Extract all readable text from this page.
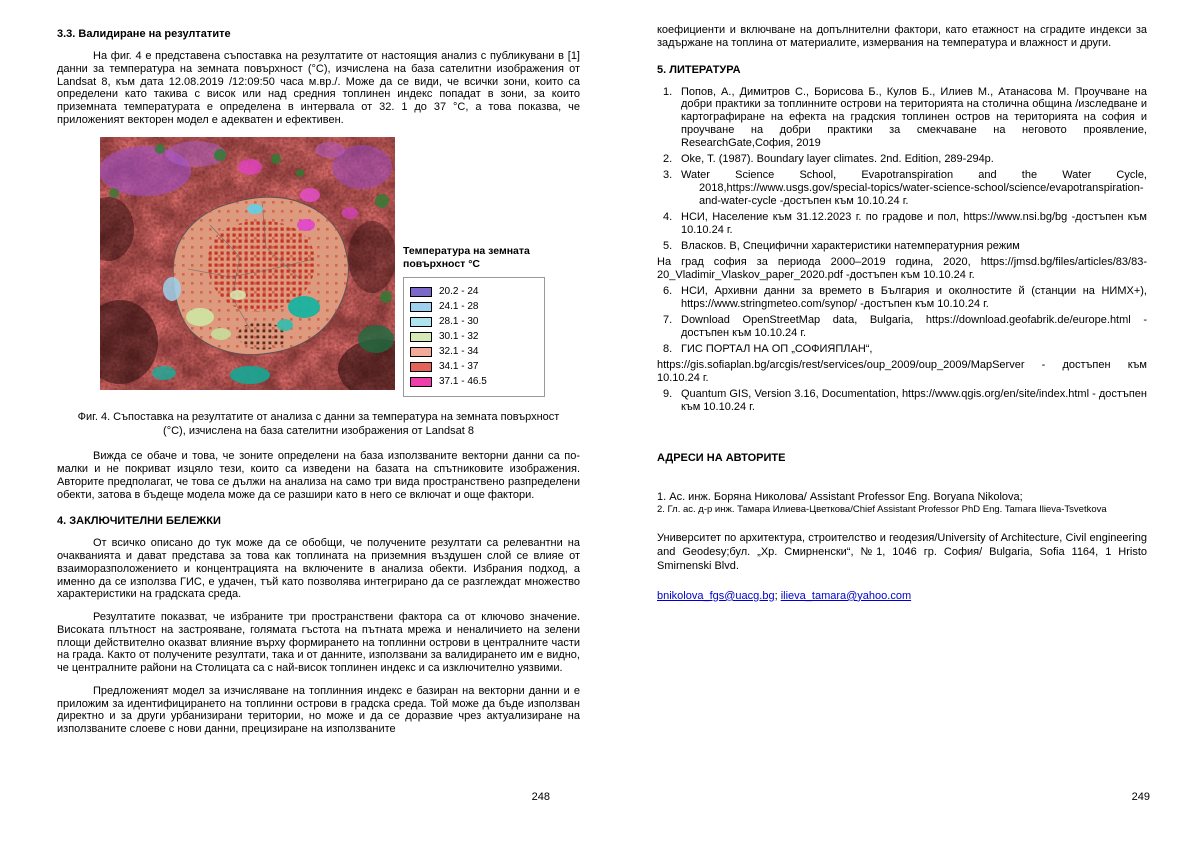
3.3. Валидиране на резултатите

На фиг. 4 е представена съпоставка на резултатите от настоящия анализ с публикувани в [1] данни за температура на земната повърхност (°С), изчислена на база сателитни изображения от Landsat 8, към дата 12.08.2019 /12:09:50 часа м.вр./. Може да се види, че всички зони, които са определени като такива с висок или над средния топлинен индекс попадат в зони, за които приземната температурата е определена в интервала от 32. 1 до 37 °С, а това показва, че приложеният векторен модел е адекватен и ефективен.

Температура на земната
повърхност °С
20.2 - 24
24.1 - 28
28.1 - 30
30.1 - 32
32.1 - 34
34.1 - 37
37.1 - 46.5
Фиг. 4. Съпоставка на резултатите от анализа с данни за температура на земната повърхност (°С), изчислена на база сателитни изображения от Landsat 8

Вижда се обаче и това, че зоните определени на база използваните векторни данни са по-малки и не покриват изцяло тези, които са изведени на базата на спътниковите изображения. Авторите предполагат, че това се дължи на анализа на само три вида пространствено разпределени обекти, затова в бъдеще модела може да се разшири като в него се включат и още фактори.

4. ЗАКЛЮЧИТЕЛНИ БЕЛЕЖКИ

От всичко описано до тук може да се обобщи, че получените резултати са релевантни на очакванията и дават представа за това как топлината на приземния въздушен слой се влияе от взаиморазположението и концентрацията на включените в анализа обекти. Избрания подход, а именно да се използва ГИС, е удачен, тъй като позволява интегрирано да се разглеждат множество характеристики на градската среда.

Резултатите показват, че избраните три пространствени фактора са от ключово значение. Високата плътност на застрояване, голямата гъстота на пътната мрежа и неналичието на зелени площи действително оказват влияние върху формирането на топлинни острови в централните части на града. Както от получените резултати, така и от данните, използвани за валидирането им е видно, че централните райони на Столицата са с най-висок топлинен индекс и са изключително уязвими.

Предложеният модел за изчисляване на топлинния индекс е базиран на векторни данни и е приложим за идентифицирането на топлинни острови в градска среда. Той може да бъде използван директно и за други урбанизирани територии, но може и да се доразвие чрез актуализиране на използваните слоеве с нови данни, прецизиране на използваните

248

коефициенти и включване на допълнителни фактори, като етажност на сградите индекси за задържане на топлина от материалите, измервания на температура и влажност и други.

5. ЛИТЕРАТУРА
1. Попов, А., Димитров С., Борисова Б., Кулов Б., Илиев М., Атанасова М. Проучване на добри практики за топлинните острови на територията на столична община /изследване и картографиране на ефекта на градския топлинен остров на територията на софия и проучване на добри практики за смекчаване на неговото проявление, ResearchGate,София, 2019
2. Oke, T. (1987). Boundary layer climates. 2nd. Edition, 289-294p.
3. Water Science School, Evapotranspiration and the Water Cycle, 2018,https://www.usgs.gov/special-topics/water-science-school/science/evapotranspiration-and-water-cycle -достъпен към 10.10.24 г.
4. НСИ, Население към 31.12.2023 г. по градове и пол, https://www.nsi.bg/bg -достъпен към 10.10.24 г.
5. Власков. В, Специфични характеристики натемпературния режим
На град софия за периода 2000–2019 година, 2020, https://jmsd.bg/files/articles/83/83-20_Vladimir_Vlaskov_paper_2020.pdf -достъпен към 10.10.24 г.
6. НСИ, Архивни данни за времето в България и околностите й (станции на НИМХ+), https://www.stringmeteo.com/synop/ -достъпен към 10.10.24 г.
7. Download OpenStreetMap data, Bulgaria, https://download.geofabrik.de/europe.html - достъпен към 10.10.24 г.
8. ГИС ПОРТАЛ НА ОП „СОФИЯПЛАН“,
https://gis.sofiaplan.bg/arcgis/rest/services/oup_2009/oup_2009/MapServer - достъпен към 10.10.24 г.
9. Quantum GIS, Version 3.16, Documentation, https://www.qgis.org/en/site/index.html - достъпен към 10.10.24 г.
АДРЕСИ НА АВТОРИТЕ
1. Ас. инж. Боряна Николова/ Assistant Professor Eng. Boryana Nikolova;
2. Гл. ас. д-р инж. Тамара Илиева-Цветкова/Chief Assistant Professor PhD Eng. Tamara Ilieva-Tsvetkova

Университет по архитектура, строителство и геодезия/University of Architecture, Civil engineering and Geodesy;бул. „Хр. Смирненски“, №1, 1046 гр. София/ Bulgaria, Sofia 1164, 1 Hristo Smirnenski Blvd.

bnikolova_fgs@uacg.bg; ilieva_tamara@yahoo.com

249
